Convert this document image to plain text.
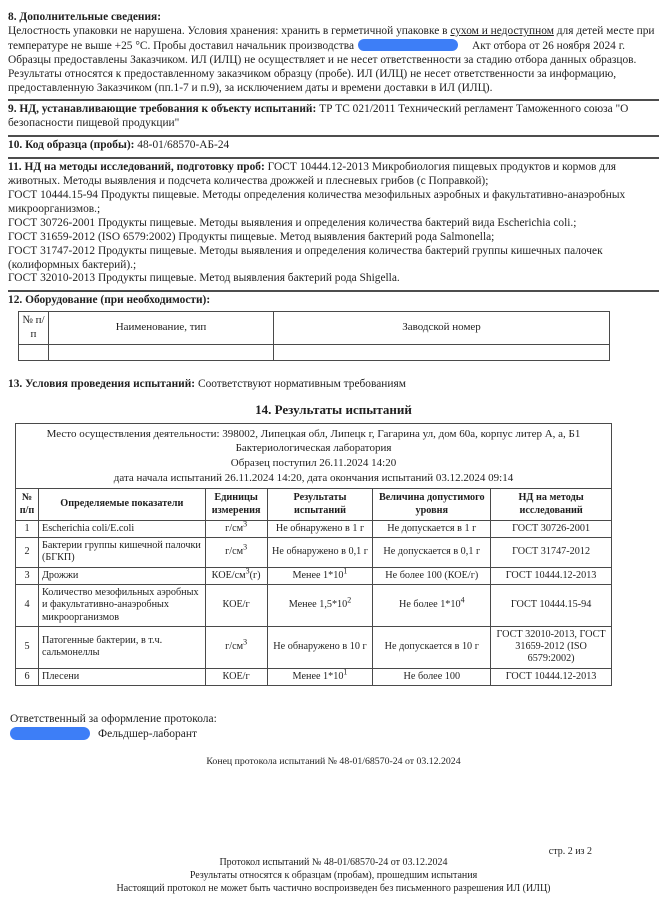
8. Дополнительные сведения:
Целостность упаковки не нарушена. Условия хранения: хранить в герметичной упаковке в сухом и недоступном для детей месте при температуре не выше +25 °С. Пробы доставил начальник производства	Акт отбора от 26 ноября 2024 г.
Образцы предоставлены Заказчиком. ИЛ (ИЛЦ) не осуществляет и не несет ответственности за стадию отбора данных образцов. Результаты относятся к предоставленному заказчиком образцу (пробе). ИЛ (ИЛЦ) не несет ответственности за информацию, предоставленную Заказчиком (пп.1-7 и п.9), за исключением даты и времени доставки в ИЛ (ИЛЦ).
9. НД, устанавливающие требования к объекту испытаний: ТР ТС 021/2011 Технический регламент Таможенного союза "О безопасности пищевой продукции"
10. Код образца (пробы): 48-01/68570-АБ-24
11. НД на методы исследований, подготовку проб: ГОСТ 10444.12-2013 Микробиология пищевых продуктов и кормов для животных. Методы выявления и подсчета количества дрожжей и плесневых грибов (с Поправкой);
ГОСТ 10444.15-94 Продукты пищевые. Методы определения количества мезофильных аэробных и факультативно-анаэробных микроорганизмов.;
ГОСТ 30726-2001 Продукты пищевые. Методы выявления и определения количества бактерий вида Escherichia coli.;
ГОСТ 31659-2012 (ISO 6579:2002) Продукты пищевые. Метод выявления бактерий рода Salmonella;
ГОСТ 31747-2012 Продукты пищевые. Методы выявления и определения количества бактерий группы кишечных палочек (колиформных бактерий).;
ГОСТ 32010-2013 Продукты пищевые. Метод выявления бактерий рода Shigella.
12. Оборудование (при необходимости):
№ п/п	Наименование, тип	Заводской номер

13. Условия проведения испытаний: Соответствуют нормативным требованиям
14. Результаты испытаний
Место осуществления деятельности: 398002, Липецкая обл, Липецк г, Гагарина ул, дом 60а, корпус литер А, а, Б1
Бактериологическая лаборатория
Образец поступил 26.11.2024 14:20
дата начала испытаний 26.11.2024 14:20, дата окончания испытаний 03.12.2024 09:14					

№ п/п	Определяемые показатели	Единицы измерения	Результаты испытаний	Величина допустимого уровня	НД на методы исследований
1	Escherichia coli/E.coli	$г/см^3$	Не обнаружено в 1 г	Не допускается в 1 г	ГОСТ 30726-2001
2	Бактерии группы кишечной палочки (БГКП)	$г/см^3$	Не обнаружено в 0,1 г	Не допускается в 0,1 г	ГОСТ 31747-2012
3	Дрожжи	КОЕ/$см^3(г)$	Менее $1*10^1$	Не более 100 (КОЕ/г)	ГОСТ 10444.12-2013
4	Количество мезофильных аэробных и факультативно-анаэробных микроорганизмов	КОЕ/г	Менее $1,5*10^2$	Не более $1*10^4$	ГОСТ 10444.15-94
5	Патогенные бактерии, в т.ч. сальмонеллы	$г/см^3$	Не обнаружено в 10 г	Не допускается в 10 г	ГОСТ 32010-2013, ГОСТ 31659-2012 (ISO 6579:2002)
6	Плесени	КОЕ/г	Менее $1*10^1$	Не более 100	ГОСТ 10444.12-2013
Ответственный за оформление протокола:
Фельдшер-лаборант
Конец протокола испытаний № 48-01/68570-24 от 03.12.2024
стр. 2 из 2
Протокол испытаний № 48-01/68570-24 от 03.12.2024
Результаты относятся к образцам (пробам), прошедшим испытания
Настоящий протокол не может быть частично воспроизведен без письменного разрешения ИЛ (ИЛЦ)
